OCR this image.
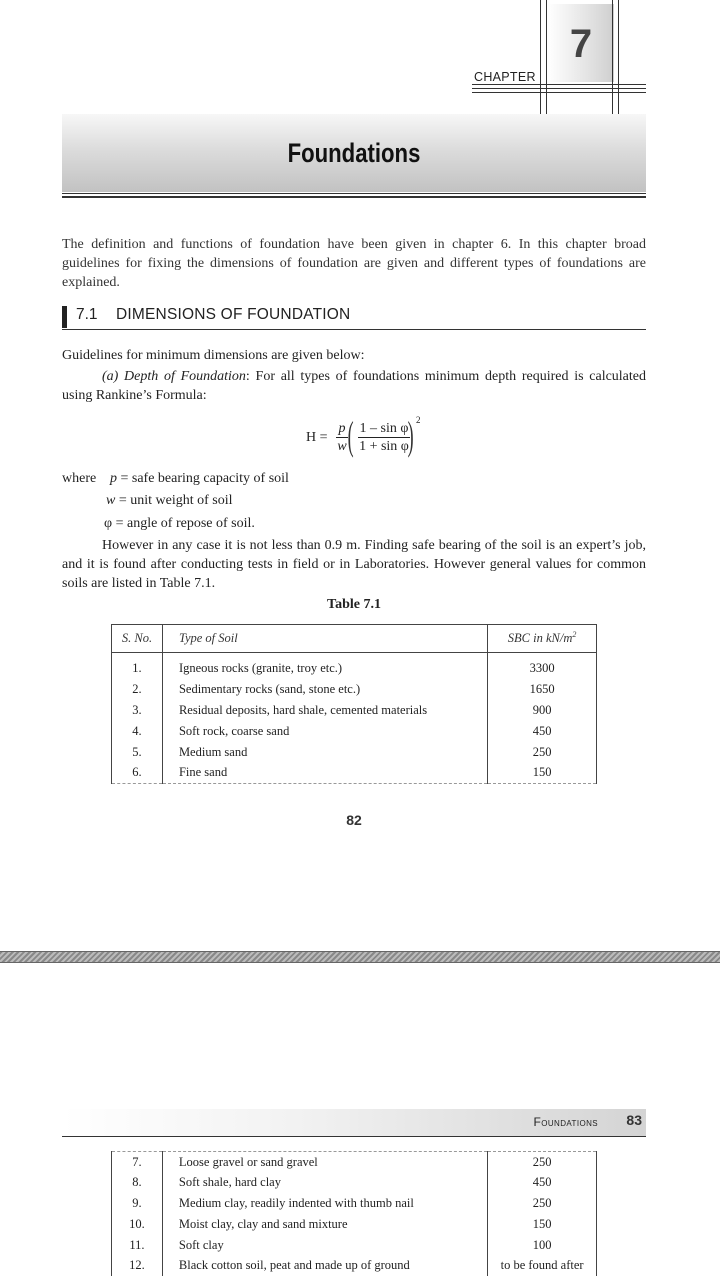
7
CHAPTER
Foundations

The definition and functions of foundation have been given in chapter 6. In this chapter broad guidelines for fixing the dimensions of foundation are given and different types of foundations are explained.

7.1 DIMENSIONS OF FOUNDATION

Guidelines for minimum dimensions are given below:

(a) Depth of Foundation: For all types of foundations minimum depth required is calculated using Rankine’s Formula:

H =
p
w ( $\frac{\text{1 – sin φ}}{\text{1 + sin φ}}$
) 2
where p = safe bearing capacity of soil
w = unit weight of soil
φ = angle of repose of soil.

However in any case it is not less than 0.9 m. Finding safe bearing of the soil is an expert’s job, and it is found after conducting tests in field or in Laboratories. However general values for common soils are listed in Table 7.1.

Table 7.1
S. No.	Type of Soil	SBC in $kN/m^2$

1.	Igneous rocks (granite, troy etc.)	3300
2.	Sedimentary rocks (sand, stone etc.)	1650
3.	Residual deposits, hard shale, cemented materials	900
4.	Soft rock, coarse sand	450
5.	Medium sand	250
6.	Fine sand	150
82
Foundations 83
7.	Loose gravel or sand gravel	250
8.	Soft shale, hard clay	450
9.	Medium clay, readily indented with thumb nail	250
10.	Moist clay, clay and sand mixture	150
11.	Soft clay	100
12.	Black cotton soil, peat and made up of ground	to be found after
